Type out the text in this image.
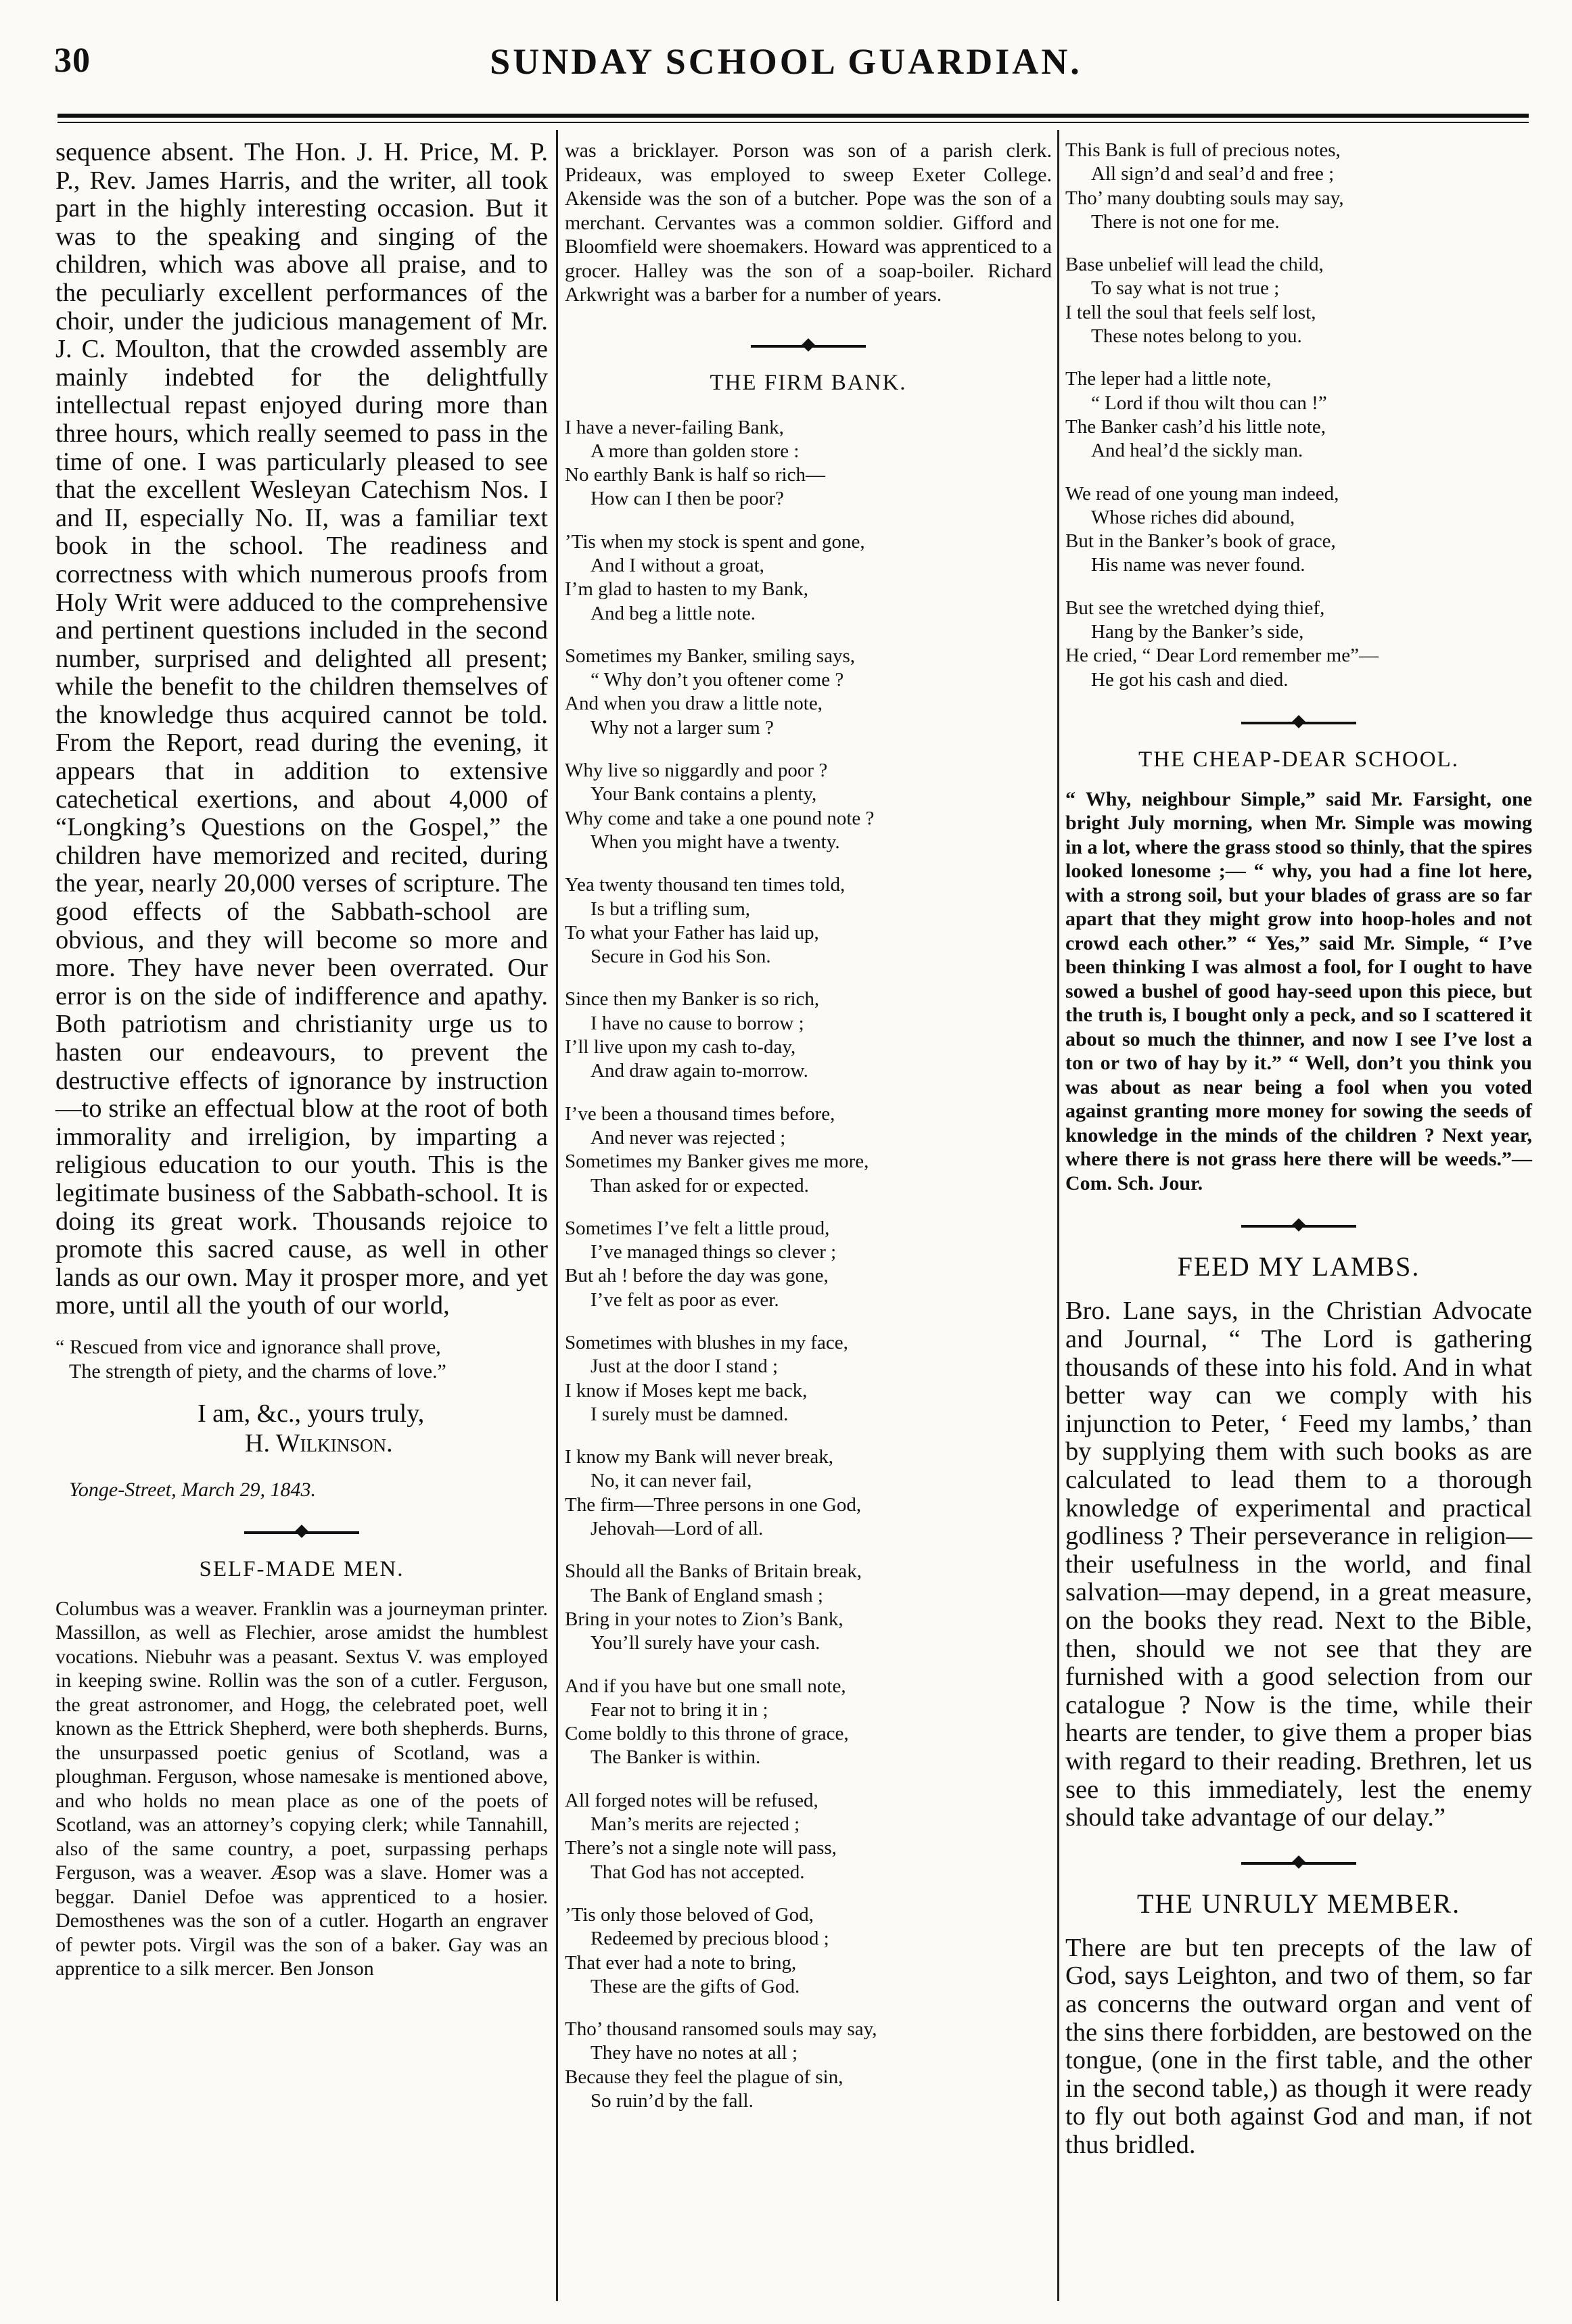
30	SUNDAY SCHOOL GUARDIAN.

sequence absent. The Hon. J. H. Price, M. P. P., Rev. James Harris, and the writer, all took part in the highly interesting occasion. But it was to the speaking and singing of the children, which was above all praise, and to the peculiarly excellent performances of the choir, under the judicious management of Mr. J. C. Moulton, that the crowded assembly are mainly indebted for the delightfully intellectual repast enjoyed during more than three hours, which really seemed to pass in the time of one. I was particularly pleased to see that the excellent Wesleyan Catechism Nos. I and II, especially No. II, was a familiar text book in the school. The readiness and correctness with which numerous proofs from Holy Writ were adduced to the comprehensive and pertinent questions included in the second number, surprised and delighted all present; while the benefit to the children themselves of the knowledge thus acquired cannot be told. From the Report, read during the evening, it appears that in addition to extensive catechetical exertions, and about 4,000 of “Longking’s Questions on the Gospel,” the children have memorized and recited, during the year, nearly 20,000 verses of scripture. The good effects of the Sabbath-school are obvious, and they will become so more and more. They have never been overrated. Our error is on the side of indifference and apathy. Both patriotism and christianity urge us to hasten our endeavours, to prevent the destructive effects of ignorance by instruction—to strike an effectual blow at the root of both immorality and irreligion, by imparting a religious education to our youth. This is the legitimate business of the Sabbath-school. It is doing its great work. Thousands rejoice to promote this sacred cause, as well in other lands as our own. May it prosper more, and yet more, until all the youth of our world,

“ Rescued from vice and ignorance shall prove,
The strength of piety, and the charms of love.”

I am, &c., yours truly,

H. Wilkinson.

Yonge-Street, March 29, 1843.

SELF-MADE MEN.

Columbus was a weaver. Franklin was a journeyman printer. Massillon, as well as Flechier, arose amidst the humblest vocations. Niebuhr was a peasant. Sextus V. was employed in keeping swine. Rollin was the son of a cutler. Ferguson, the great astronomer, and Hogg, the celebrated poet, well known as the Ettrick Shepherd, were both shepherds. Burns, the unsurpassed poetic genius of Scotland, was a ploughman. Ferguson, whose namesake is mentioned above, and who holds no mean place as one of the poets of Scotland, was an attorney’s copying clerk; while Tannahill, also of the same country, a poet, surpassing perhaps Ferguson, was a weaver. Æsop was a slave. Homer was a beggar. Daniel Defoe was apprenticed to a hosier. Demosthenes was the son of a cutler. Hogarth an engraver of pewter pots. Virgil was the son of a baker. Gay was an apprentice to a silk mercer. Ben Jonson

was a bricklayer. Porson was son of a parish clerk. Prideaux, was employed to sweep Exeter College. Akenside was the son of a butcher. Pope was the son of a merchant. Cervantes was a common soldier. Gifford and Bloomfield were shoemakers. Howard was apprenticed to a grocer. Halley was the son of a soap-boiler. Richard Arkwright was a barber for a number of years.

THE FIRM BANK.

I have a never-failing Bank,

A more than golden store :

No earthly Bank is half so rich—

How can I then be poor?

’Tis when my stock is spent and gone,

And I without a groat,

I’m glad to hasten to my Bank,

And beg a little note.

Sometimes my Banker, smiling says,

“ Why don’t you oftener come ?

And when you draw a little note,

Why not a larger sum ?

Why live so niggardly and poor ?

Your Bank contains a plenty,

Why come and take a one pound note ?

When you might have a twenty.

Yea twenty thousand ten times told,

Is but a trifling sum,

To what your Father has laid up,

Secure in God his Son.

Since then my Banker is so rich,

I have no cause to borrow ;

I’ll live upon my cash to-day,

And draw again to-morrow.

I’ve been a thousand times before,

And never was rejected ;

Sometimes my Banker gives me more,

Than asked for or expected.

Sometimes I’ve felt a little proud,

I’ve managed things so clever ;

But ah ! before the day was gone,

I’ve felt as poor as ever.

Sometimes with blushes in my face,

Just at the door I stand ;

I know if Moses kept me back,

I surely must be damned.

I know my Bank will never break,

No, it can never fail,

The firm—Three persons in one God,

Jehovah—Lord of all.

Should all the Banks of Britain break,

The Bank of England smash ;

Bring in your notes to Zion’s Bank,

You’ll surely have your cash.

And if you have but one small note,

Fear not to bring it in ;

Come boldly to this throne of grace,

The Banker is within.

All forged notes will be refused,

Man’s merits are rejected ;

There’s not a single note will pass,

That God has not accepted.

’Tis only those beloved of God,

Redeemed by precious blood ;

That ever had a note to bring,

These are the gifts of God.

Tho’ thousand ransomed souls may say,

They have no notes at all ;

Because they feel the plague of sin,

So ruin’d by the fall.

This Bank is full of precious notes,

All sign’d and seal’d and free ;

Tho’ many doubting souls may say,

There is not one for me.

Base unbelief will lead the child,

To say what is not true ;

I tell the soul that feels self lost,

These notes belong to you.

The leper had a little note,

“ Lord if thou wilt thou can !”

The Banker cash’d his little note,

And heal’d the sickly man.

We read of one young man indeed,

Whose riches did abound,

But in the Banker’s book of grace,

His name was never found.

But see the wretched dying thief,

Hang by the Banker’s side,

He cried, “ Dear Lord remember me”—

He got his cash and died.

THE CHEAP-DEAR SCHOOL.

“ Why, neighbour Simple,” said Mr. Farsight, one bright July morning, when Mr. Simple was mowing in a lot, where the grass stood so thinly, that the spires looked lonesome ;— “ why, you had a fine lot here, with a strong soil, but your blades of grass are so far apart that they might grow into hoop-holes and not crowd each other.” “ Yes,” said Mr. Simple, “ I’ve been thinking I was almost a fool, for I ought to have sowed a bushel of good hay-seed upon this piece, but the truth is, I bought only a peck, and so I scattered it about so much the thinner, and now I see I’ve lost a ton or two of hay by it.” “ Well, don’t you think you was about as near being a fool when you voted against granting more money for sowing the seeds of knowledge in the minds of the children ? Next year, where there is not grass here there will be weeds.”—Com. Sch. Jour.

FEED MY LAMBS.

Bro. Lane says, in the Christian Advocate and Journal, “ The Lord is gathering thousands of these into his fold. And in what better way can we comply with his injunction to Peter, ‘ Feed my lambs,’ than by supplying them with such books as are calculated to lead them to a thorough knowledge of experimental and practical godliness ? Their perseverance in religion—their usefulness in the world, and final salvation—may depend, in a great measure, on the books they read. Next to the Bible, then, should we not see that they are furnished with a good selection from our catalogue ? Now is the time, while their hearts are tender, to give them a proper bias with regard to their reading. Brethren, let us see to this immediately, lest the enemy should take advantage of our delay.”

THE UNRULY MEMBER.

There are but ten precepts of the law of God, says Leighton, and two of them, so far as concerns the outward organ and vent of the sins there forbidden, are bestowed on the tongue, (one in the first table, and the other in the second table,) as though it were ready to fly out both against God and man, if not thus bridled.
